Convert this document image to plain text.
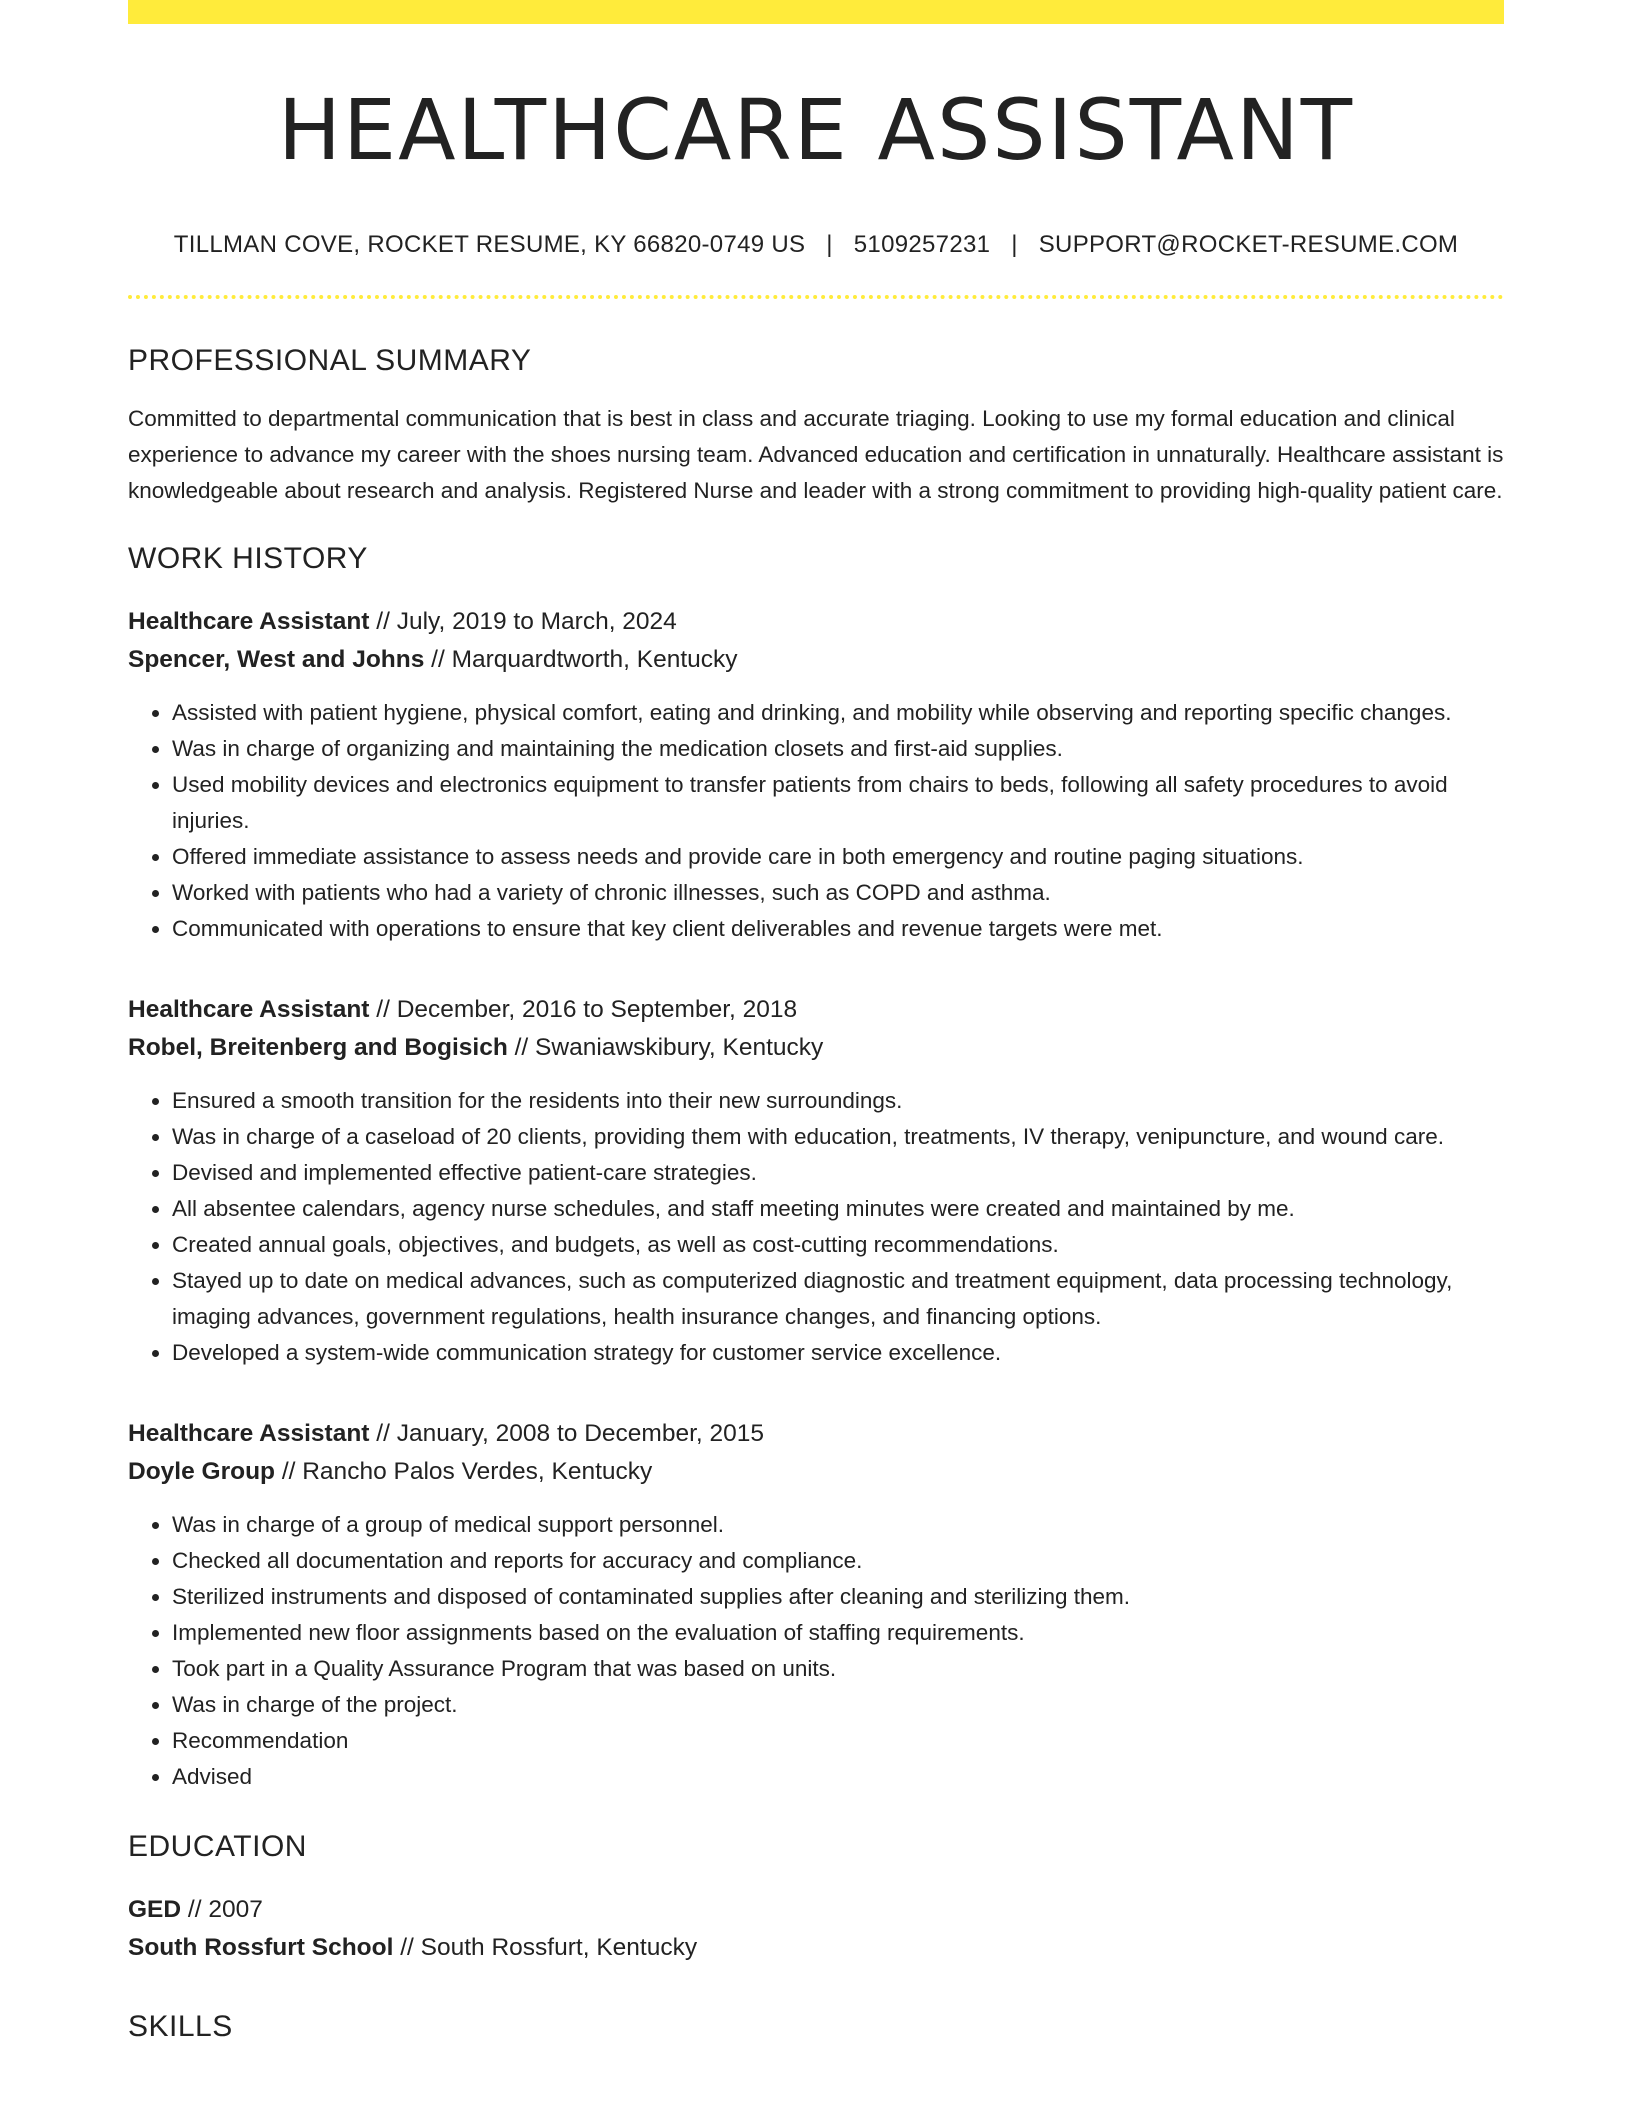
HEALTHCARE ASSISTANT
TILLMAN COVE, ROCKET RESUME, KY 66820-0749 US | 5109257231 | SUPPORT@ROCKET-RESUME.COM
PROFESSIONAL SUMMARY
Committed to departmental communication that is best in class and accurate triaging. Looking to use my formal education and clinical experience to advance my career with the shoes nursing team. Advanced education and certification in unnaturally. Healthcare assistant is knowledgeable about research and analysis. Registered Nurse and leader with a strong commitment to providing high-quality patient care.
WORK HISTORY
Healthcare Assistant // July, 2019 to March, 2024
Spencer, West and Johns // Marquardtworth, Kentucky
• Assisted with patient hygiene, physical comfort, eating and drinking, and mobility while observing and reporting specific changes.
• Was in charge of organizing and maintaining the medication closets and first-aid supplies.
• Used mobility devices and electronics equipment to transfer patients from chairs to beds, following all safety procedures to avoid injuries.
• Offered immediate assistance to assess needs and provide care in both emergency and routine paging situations.
• Worked with patients who had a variety of chronic illnesses, such as COPD and asthma.
• Communicated with operations to ensure that key client deliverables and revenue targets were met.
Healthcare Assistant // December, 2016 to September, 2018
Robel, Breitenberg and Bogisich // Swaniawskibury, Kentucky
• Ensured a smooth transition for the residents into their new surroundings.
• Was in charge of a caseload of 20 clients, providing them with education, treatments, IV therapy, venipuncture, and wound care.
• Devised and implemented effective patient-care strategies.
• All absentee calendars, agency nurse schedules, and staff meeting minutes were created and maintained by me.
• Created annual goals, objectives, and budgets, as well as cost-cutting recommendations.
• Stayed up to date on medical advances, such as computerized diagnostic and treatment equipment, data processing technology, imaging advances, government regulations, health insurance changes, and financing options.
• Developed a system-wide communication strategy for customer service excellence.
Healthcare Assistant // January, 2008 to December, 2015
Doyle Group // Rancho Palos Verdes, Kentucky
• Was in charge of a group of medical support personnel.
• Checked all documentation and reports for accuracy and compliance.
• Sterilized instruments and disposed of contaminated supplies after cleaning and sterilizing them.
• Implemented new floor assignments based on the evaluation of staffing requirements.
• Took part in a Quality Assurance Program that was based on units.
• Was in charge of the project.
• Recommendation
• Advised
EDUCATION
GED // 2007
South Rossfurt School // South Rossfurt, Kentucky
SKILLS
